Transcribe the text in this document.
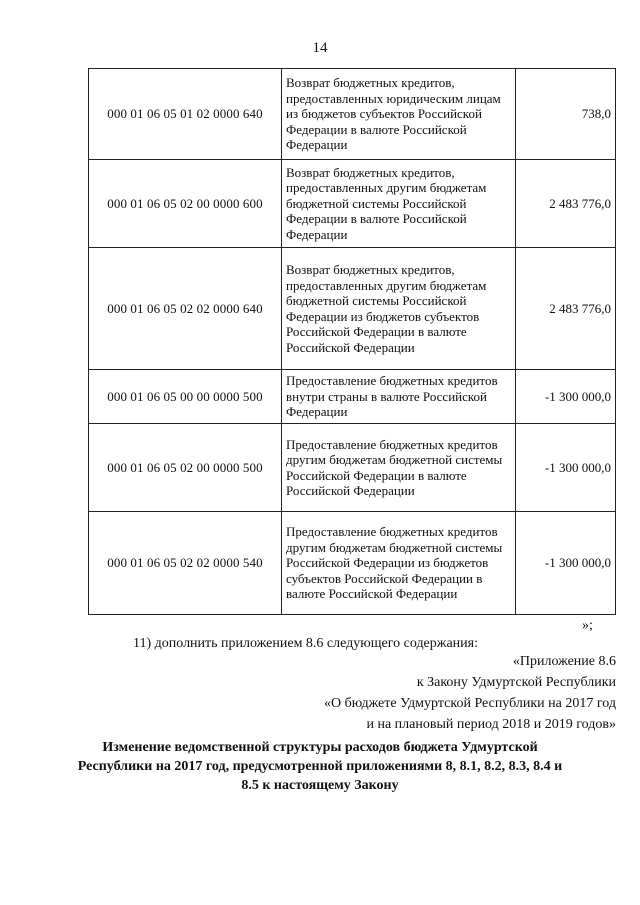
14
000 01 06 05 01 02 0000 640	Возврат бюджетных кредитов, предоставленных юридическим лицам из бюджетов субъектов Российской Федерации в валюте Российской Федерации	738,0
000 01 06 05 02 00 0000 600	Возврат бюджетных кредитов, предоставленных другим бюджетам бюджетной системы Российской Федерации в валюте Российской Федерации	2 483 776,0
000 01 06 05 02 02 0000 640	Возврат бюджетных кредитов, предоставленных другим бюджетам бюджетной системы Российской Федерации из бюджетов субъектов Российской Федерации в валюте Российской Федерации	2 483 776,0
000 01 06 05 00 00 0000 500	Предоставление бюджетных кредитов внутри страны в валюте Российской Федерации	-1 300 000,0
000 01 06 05 02 00 0000 500	Предоставление бюджетных кредитов другим бюджетам бюджетной системы Российской Федерации в валюте Российской Федерации	-1 300 000,0
000 01 06 05 02 02 0000 540	Предоставление бюджетных кредитов другим бюджетам бюджетной системы Российской Федерации из бюджетов субъектов Российской Федерации в валюте Российской Федерации	-1 300 000,0
»;
11) дополнить приложением 8.6 следующего содержания:
«Приложение 8.6
к Закону Удмуртской Республики
«О бюджете Удмуртской Республики на 2017 год
и на плановый период 2018 и 2019 годов»
Изменение ведомственной структуры расходов бюджета Удмуртской
Республики на 2017 год, предусмотренной приложениями 8, 8.1, 8.2, 8.3, 8.4 и
8.5 к настоящему Закону
